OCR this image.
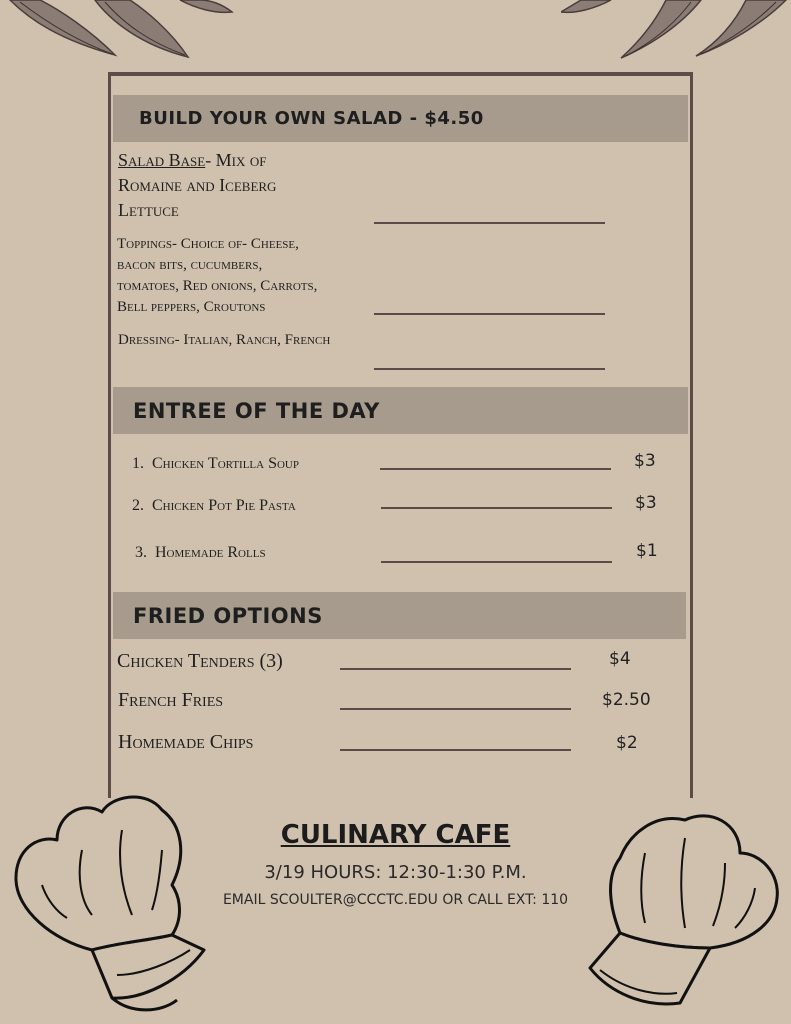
BUILD YOUR OWN SALAD - $4.50
Salad Base- Mix of
Romaine and Iceberg
Lettuce
Toppings- Choice of- Cheese,
bacon bits, cucumbers,
tomatoes, Red onions, Carrots,
Bell peppers, Croutons
Dressing- Italian, Ranch, French
ENTREE OF THE DAY
1. Chicken Tortilla Soup	$3
2. Chicken Pot Pie Pasta	$3
3. Homemade Rolls	$1
FRIED OPTIONS
Chicken Tenders (3)	$4
French Fries	$2.50
Homemade Chips	$2
CULINARY CAFE
3/19 HOURS: 12:30-1:30 P.M.
EMAIL SCOULTER@CCCTC.EDU OR CALL EXT: 110
